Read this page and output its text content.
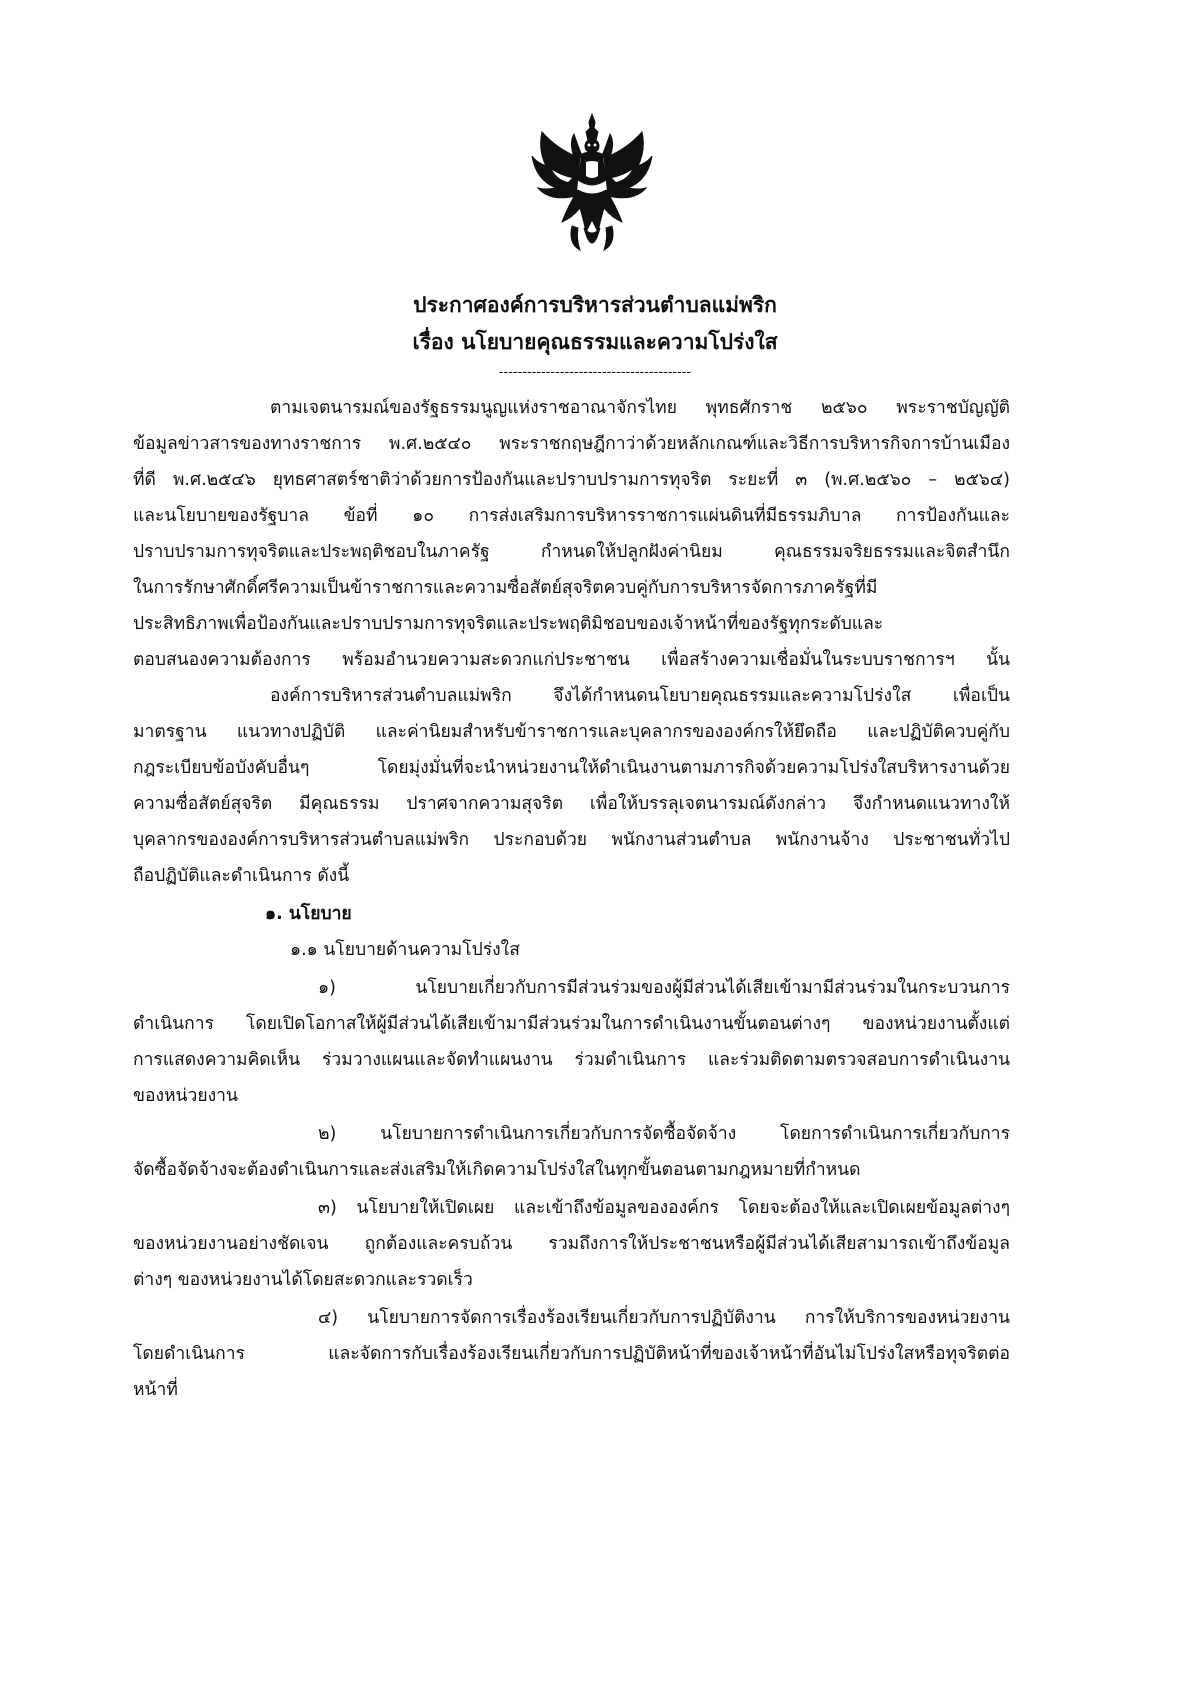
ประกาศองค์การบริหารส่วนตำบลแม่พริก
เรื่อง นโยบายคุณธรรมและความโปร่งใส
-----------------------------------------
ตามเจตนารมณ์ของรัฐธรรมนูญแห่งราชอาณาจักรไทย พุทธศักราช ๒๕๖๐ พระราชบัญญัติ
ข้อมูลข่าวสารของทางราชการ พ.ศ.๒๕๔๐ พระราชกฤษฎีกาว่าด้วยหลักเกณฑ์และวิธีการบริหารกิจการบ้านเมือง
ที่ดี พ.ศ.๒๕๔๖ ยุทธศาสตร์ชาติว่าด้วยการป้องกันและปราบปรามการทุจริต ระยะที่ ๓ (พ.ศ.๒๕๖๐ – ๒๕๖๔)
และนโยบายของรัฐบาล ข้อที่ ๑๐ การส่งเสริมการบริหารราชการแผ่นดินที่มีธรรมภิบาล การป้องกันและ
ปราบปรามการทุจริตและประพฤติชอบในภาครัฐ กำหนดให้ปลูกฝังค่านิยม คุณธรรมจริยธรรมและจิตสำนึก
ในการรักษาศักดิ์ศรีความเป็นข้าราชการและความซื่อสัตย์สุจริตควบคู่กับการบริหารจัดการภาครัฐที่มี
ประสิทธิภาพเพื่อป้องกันและปราบปรามการทุจริตและประพฤติมิชอบของเจ้าหน้าที่ของรัฐทุกระดับและ
ตอบสนองความต้องการ พร้อมอำนวยความสะดวกแก่ประชาชน เพื่อสร้างความเชื่อมั่นในระบบราชการฯ นั้น
องค์การบริหารส่วนตำบลแม่พริก จึงได้กำหนดนโยบายคุณธรรมและความโปร่งใส เพื่อเป็น
มาตรฐาน แนวทางปฏิบัติ และค่านิยมสำหรับข้าราชการและบุคลากรขององค์กรให้ยึดถือ และปฏิบัติควบคู่กับ
กฎระเบียบข้อบังคับอื่นๆ โดยมุ่งมั่นที่จะนำหน่วยงานให้ดำเนินงานตามภารกิจด้วยความโปร่งใสบริหารงานด้วย
ความซื่อสัตย์สุจริต มีคุณธรรม ปราศจากความสุจริต เพื่อให้บรรลุเจตนารมณ์ดังกล่าว จึงกำหนดแนวทางให้
บุคลากรขององค์การบริหารส่วนตำบลแม่พริก ประกอบด้วย พนักงานส่วนตำบล พนักงานจ้าง ประชาชนทั่วไป
ถือปฏิบัติและดำเนินการ ดังนี้
๑. นโยบาย
๑.๑ นโยบายด้านความโปร่งใส
๑) นโยบายเกี่ยวกับการมีส่วนร่วมของผู้มีส่วนได้เสียเข้ามามีส่วนร่วมในกระบวนการ
ดำเนินการ โดยเปิดโอกาสให้ผู้มีส่วนได้เสียเข้ามามีส่วนร่วมในการดำเนินงานขั้นตอนต่างๆ ของหน่วยงานตั้งแต่
การแสดงความคิดเห็น ร่วมวางแผนและจัดทำแผนงาน ร่วมดำเนินการ และร่วมติดตามตรวจสอบการดำเนินงาน
ของหน่วยงาน
๒) นโยบายการดำเนินการเกี่ยวกับการจัดซื้อจัดจ้าง โดยการดำเนินการเกี่ยวกับการ
จัดซื้อจัดจ้างจะต้องดำเนินการและส่งเสริมให้เกิดความโปร่งใสในทุกขั้นตอนตามกฎหมายที่กำหนด
๓) นโยบายให้เปิดเผย และเข้าถึงข้อมูลขององค์กร โดยจะต้องให้และเปิดเผยข้อมูลต่างๆ
ของหน่วยงานอย่างชัดเจน ถูกต้องและครบถ้วน รวมถึงการให้ประชาชนหรือผู้มีส่วนได้เสียสามารถเข้าถึงข้อมูล
ต่างๆ ของหน่วยงานได้โดยสะดวกและรวดเร็ว
๔) นโยบายการจัดการเรื่องร้องเรียนเกี่ยวกับการปฏิบัติงาน การให้บริการของหน่วยงาน
โดยดำเนินการ และจัดการกับเรื่องร้องเรียนเกี่ยวกับการปฏิบัติหน้าที่ของเจ้าหน้าที่อันไม่โปร่งใสหรือทุจริตต่อ
หน้าที่
